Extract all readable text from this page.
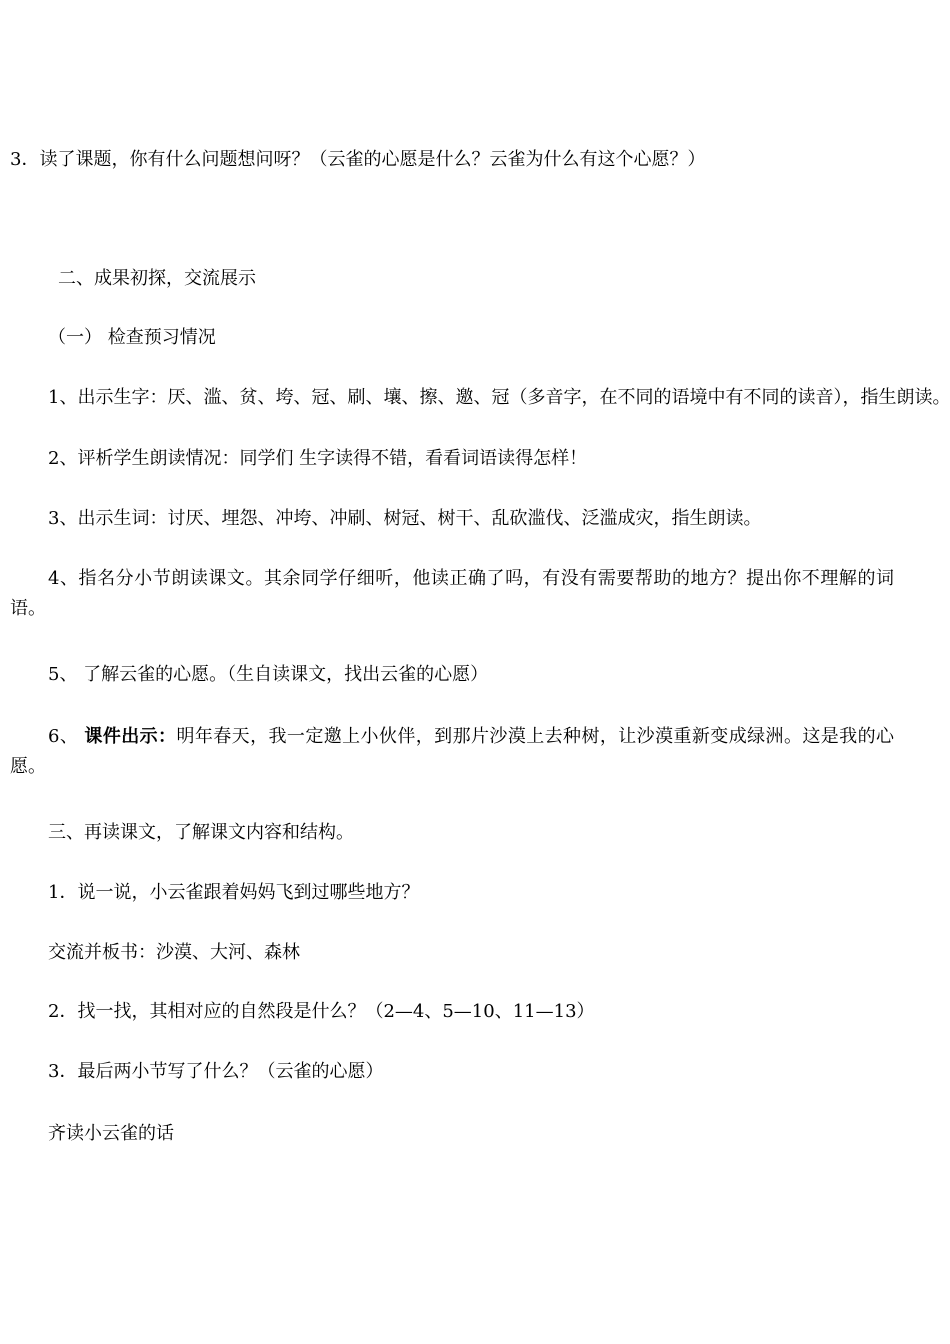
3．读了课题，你有什么问题想问呀？（云雀的心愿是什么？云雀为什么有这个心愿？）
二、成果初探，交流展示
（一） 检查预习情况
1、出示生字：厌、滥、贫、垮、冠、刷、壤、擦、邀、冠（多音字，在不同的语境中有不同的读音），指生朗读。
2、评析学生朗读情况：同学们 生字读得不错，看看词语读得怎样！
3、出示生词：讨厌、埋怨、冲垮、冲刷、树冠、树干、乱砍滥伐、泛滥成灾，指生朗读。
4、指名分小节朗读课文。其余同学仔细听，他读正确了吗，有没有需要帮助的地方？提出你不理解的词语。
5、 了解云雀的心愿。（生自读课文，找出云雀的心愿）
6、 课件出示：明年春天，我一定邀上小伙伴，到那片沙漠上去种树，让沙漠重新变成绿洲。这是我的心愿。
三、再读课文，了解课文内容和结构。
1．说一说，小云雀跟着妈妈飞到过哪些地方？
交流并板书：沙漠、大河、森林
2．找一找，其相对应的自然段是什么？（2—4、5—10、11—13）
3．最后两小节写了什么？（云雀的心愿）
齐读小云雀的话
